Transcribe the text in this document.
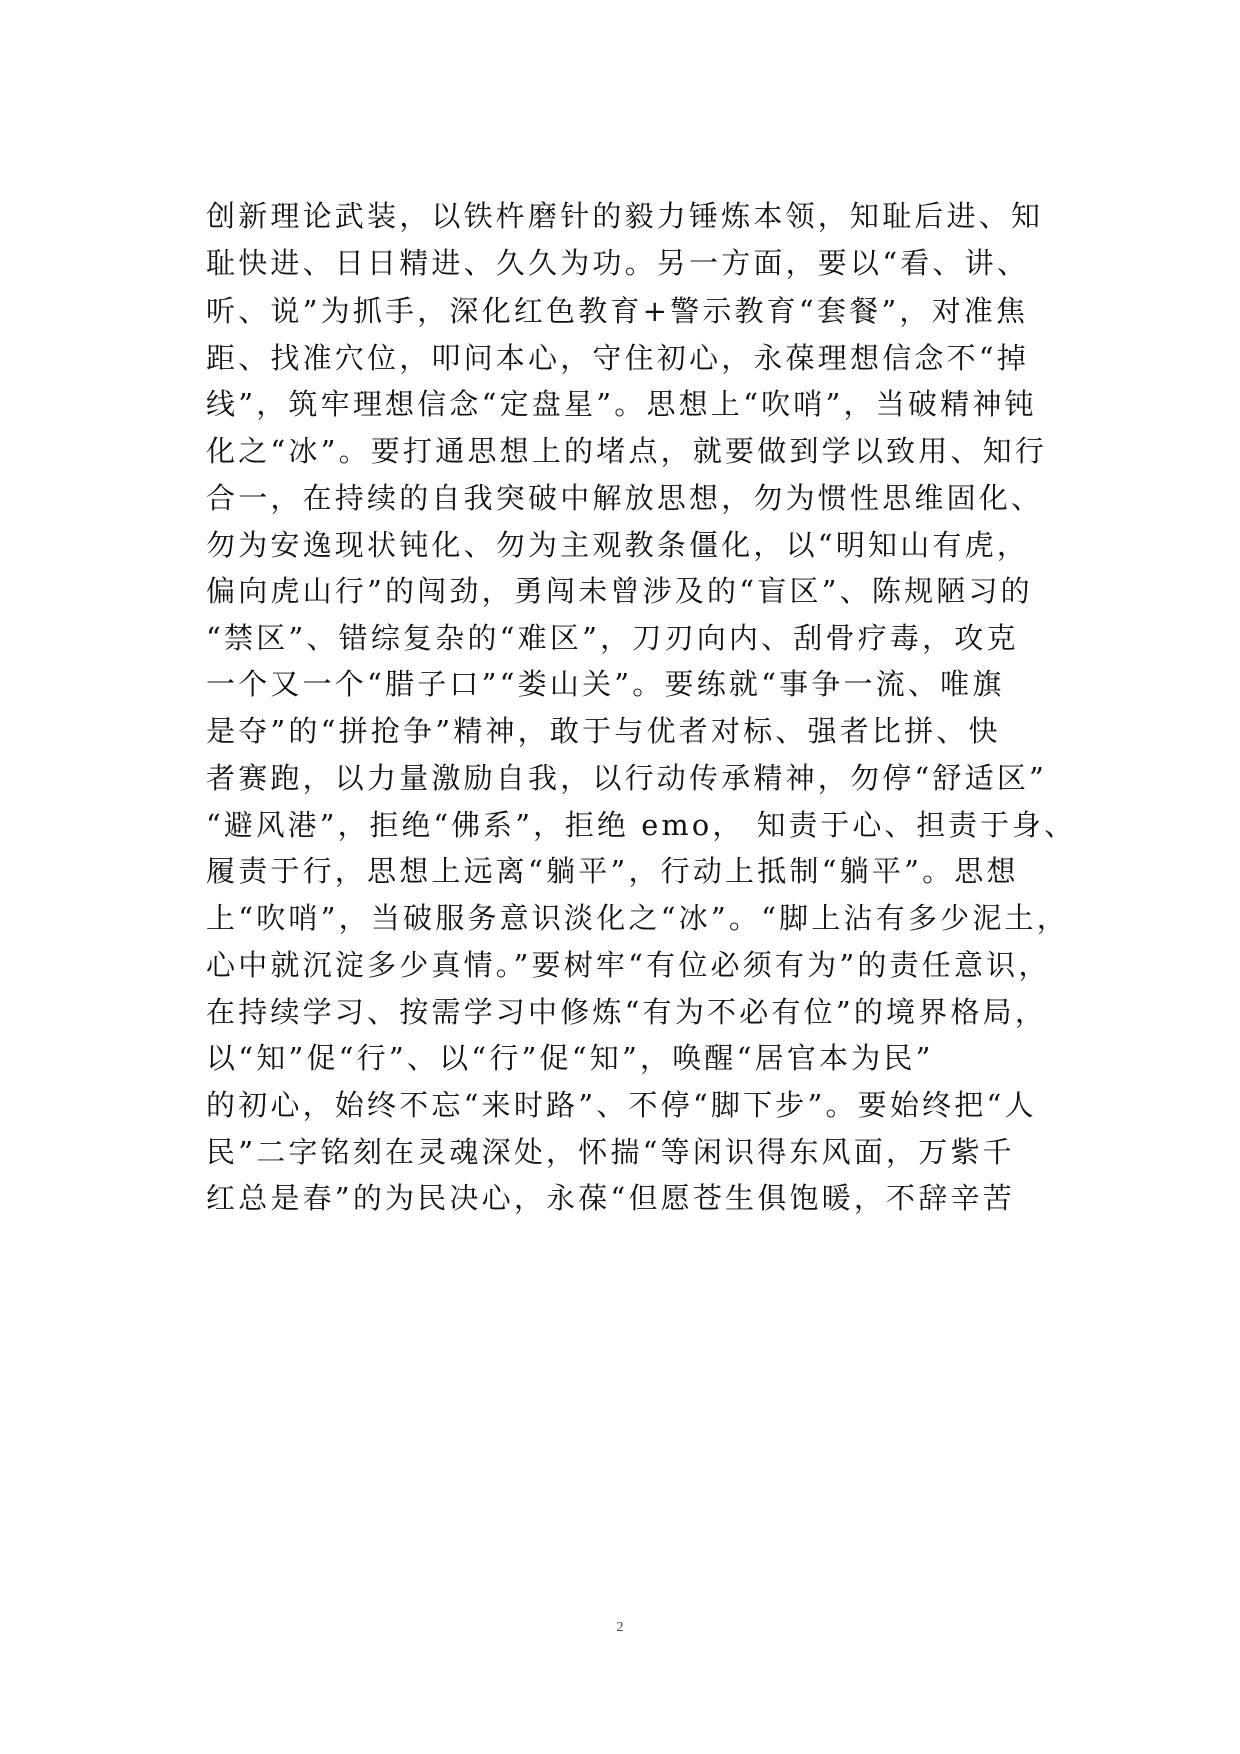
创新理论武装，以铁杵磨针的毅力锤炼本领，知耻后进、知
耻快进、日日精进、久久为功。另一方面，要以“看、讲、
听、说”为抓手，深化红色教育+警示教育“套餐”，对准焦
距、找准穴位，叩问本心，守住初心，永葆理想信念不“掉
线”，筑牢理想信念“定盘星”。思想上“吹哨”，当破精神钝
化之“冰”。要打通思想上的堵点，就要做到学以致用、知行
合一，在持续的自我突破中解放思想，勿为惯性思维固化、
勿为安逸现状钝化、勿为主观教条僵化，以“明知山有虎，
偏向虎山行”的闯劲，勇闯未曾涉及的“盲区”、陈规陋习的
“禁区”、错综复杂的“难区”，刀刃向内、刮骨疗毒，攻克
一个又一个“腊子口”“娄山关”。要练就“事争一流、唯旗
是夺”的“拼抢争”精神，敢于与优者对标、强者比拼、快
者赛跑，以力量激励自我，以行动传承精神，勿停“舒适区”
“避风港”，拒绝“佛系”，拒绝 emo， 知责于心、担责于身、
履责于行，思想上远离“躺平”，行动上抵制“躺平”。思想
上“吹哨”，当破服务意识淡化之“冰”。“脚上沾有多少泥土，
心中就沉淀多少真情。”要树牢“有位必须有为”的责任意识，
在持续学习、按需学习中修炼“有为不必有位”的境界格局，
以“知”促“行”、以“行”促“知”，唤醒“居官本为民”
的初心，始终不忘“来时路”、不停“脚下步”。要始终把“人
民”二字铭刻在灵魂深处，怀揣“等闲识得东风面，万紫千
红总是春”的为民决心，永葆“但愿苍生俱饱暖，不辞辛苦
2
